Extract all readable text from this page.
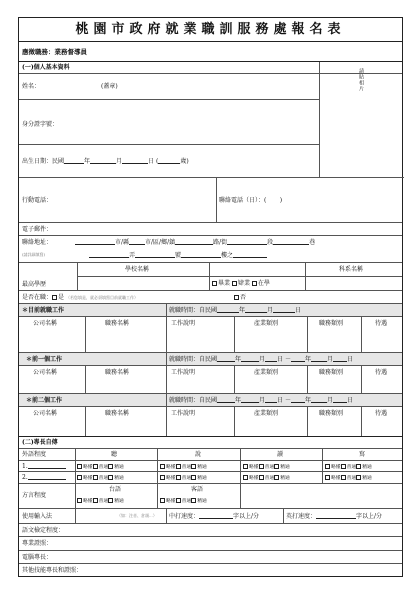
桃園市政府就業職訓服務處報名表
應徵職務：業務督導員
(一)個人基本資料
請貼相片
姓名：	(蓋章)
身分證字號：
出生日期：民國	年	月	日 (	歲)
行動電話：	聯絡電話（日）：( )
電子郵件：
聯絡地址：
(請詳細填寫)
市/縣	市/區/鄉/鎮	路/街	段	巷
弄	號	樓之
最高學歷
學校名稱	科系名稱
畢業 肄業 在學
是否在職： 是 （若您填是，就必須填寫目前就職工作）	否
＊目前就職工作	就職時間：自民國	年	月	日
公司名稱	職務名稱	工作說明	產業類別	職務類別	待遇
＊前一個工作	就職時間：自民國	年	月 日 － 年	月 日
公司名稱	職務名稱	工作說明	產業類別	職務類別	待遇
＊前二個工作	就職時間：自民國	年	月 日 － 年	月 日
公司名稱	職務名稱	工作說明	產業類別	職務類別	待遇
(二)專長自傳
外語程度	聽	說	讀	寫
1.	略懂 普通 精通	略懂 普通 精通	略懂 普通 精通	略懂 普通 精通
2.	略懂 普通 精通	略懂 普通 精通	略懂 普通 精通	略懂 普通 精通
方言程度
台語	客語
略懂 普通 精通	略懂 普通 精通
使用輸入法	（如：注音、倉頡...） 中打速度：	字以上/分	英打速度：	字以上/分
語文檢定程度：
專業證照：
電腦專長：
其他技能專長和證照：
